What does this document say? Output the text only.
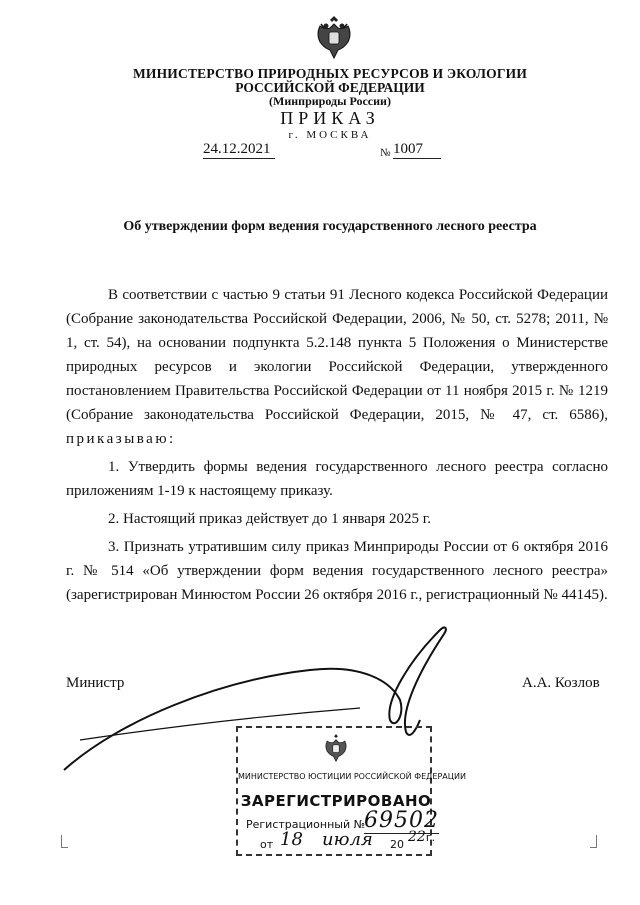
МИНИСТЕРСТВО ПРИРОДНЫХ РЕСУРСОВ И ЭКОЛОГИИ
РОССИЙСКОЙ ФЕДЕРАЦИИ
(Минприроды России)
ПРИКАЗ
г. МОСКВА
24.12.2021	№ 1007
Об утверждении форм ведения государственного лесного реестра

В соответствии с частью 9 статьи 91 Лесного кодекса Российской Федерации (Собрание законодательства Российской Федерации, 2006, № 50, ст. 5278; 2011, № 1, ст. 54), на основании подпункта 5.2.148 пункта 5 Положения о Министерстве природных ресурсов и экологии Российской Федерации, утвержденного постановлением Правительства Российской Федерации от 11 ноября 2015 г. № 1219 (Собрание законодательства Российской Федерации, 2015, № 47, ст. 6586), приказываю:

1. Утвердить формы ведения государственного лесного реестра согласно приложениям 1-19 к настоящему приказу.

2. Настоящий приказ действует до 1 января 2025 г.

3. Признать утратившим силу приказ Минприроды России от 6 октября 2016 г. № 514 «Об утверждении форм ведения государственного лесного реестра» (зарегистрирован Минюстом России 26 октября 2016 г., регистрационный № 44145).

Министр	А.А. Козлов
МИНИСТЕРСТВО ЮСТИЦИИ РОССИЙСКОЙ ФЕДЕРАЦИИ
ЗАРЕГИСТРИРОВАНО
Регистрационный №
69502
от 18 июля 20 22г.
